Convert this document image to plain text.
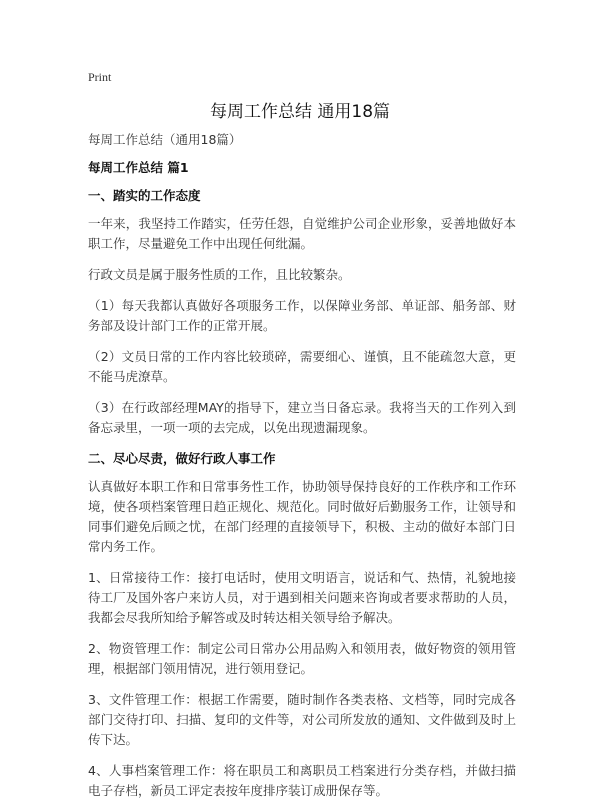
Print
每周工作总结 通用18篇
每周工作总结（通用18篇）
每周工作总结 篇1
一、踏实的工作态度

一年来，我坚持工作踏实，任劳任怨，自觉维护公司企业形象，妥善地做好本职工作，尽量避免工作中出现任何纰漏。

行政文员是属于服务性质的工作，且比较繁杂。

（1）每天我都认真做好各项服务工作，以保障业务部、单证部、船务部、财务部及设计部门工作的正常开展。

（2）文员日常的工作内容比较琐碎，需要细心、谨慎，且不能疏忽大意，更不能马虎潦草。

（3）在行政部经理MAY的指导下，建立当日备忘录。我将当天的工作列入到备忘录里，一项一项的去完成，以免出现遗漏现象。

二、尽心尽责，做好行政人事工作

认真做好本职工作和日常事务性工作，协助领导保持良好的工作秩序和工作环境，使各项档案管理日趋正规化、规范化。同时做好后勤服务工作，让领导和同事们避免后顾之忧，在部门经理的直接领导下，积极、主动的做好本部门日常内务工作。

1、日常接待工作：接打电话时，使用文明语言，说话和气、热情，礼貌地接待工厂及国外客户来访人员，对于遇到相关问题来咨询或者要求帮助的人员，我都会尽我所知给予解答或及时转达相关领导给予解决。

2、物资管理工作：制定公司日常办公用品购入和领用表，做好物资的领用管理，根据部门领用情况，进行领用登记。

3、文件管理工作：根据工作需要，随时制作各类表格、文档等，同时完成各部门交待打印、扫描、复印的文件等，对公司所发放的通知、文件做到及时上传下达。

4、人事档案管理工作：将在职员工和离职员工档案进行分类存档，并做扫描电子存档，新员工评定表按年度排序装订成册保存等。
